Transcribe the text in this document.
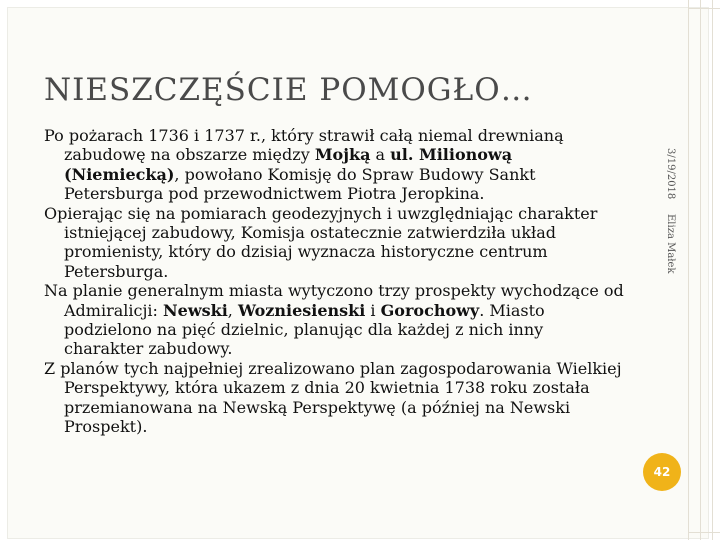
NIESZCZĘŚCIE POMOGŁO…

Po pożarach 1736 i 1737 r., który strawił całą niemal drewnianą zabudowę na obszarze między Mojką a ul. Milionową (Niemiecką), powołano Komisję do Spraw Budowy Sankt Petersburga pod przewodnictwem Piotra Jeropkina.

Opierając się na pomiarach geodezyjnych i uwzględniając charakter istniejącej zabudowy, Komisja ostatecznie zatwierdziła układ promienisty, który do dzisiaj wyznacza historyczne centrum Petersburga.

Na planie generalnym miasta wytyczono trzy prospekty wychodzące od Admiralicji: Newski, Wozniesienski i Gorochowy. Miasto podzielono na pięć dzielnic, planując dla każdej z nich inny charakter zabudowy.

Z planów tych najpełniej zrealizowano plan zagospodarowania Wielkiej Perspektywy, która ukazem z dnia 20 kwietnia 1738 roku została przemianowana na Newską Perspektywę (a później na Newski Prospekt).

3/19/2018
Eliza Małek
42
